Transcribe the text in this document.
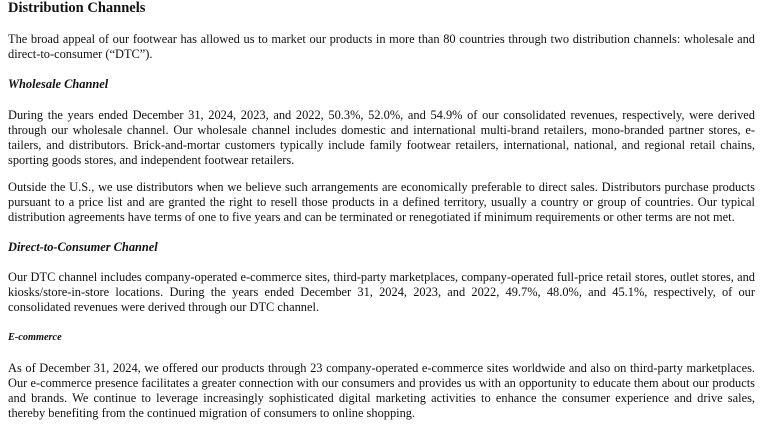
Distribution Channels

The broad appeal of our footwear has allowed us to market our products in more than 80 countries through two distribution channels: wholesale and direct-to-consumer (“DTC”).

Wholesale Channel

During the years ended December 31, 2024, 2023, and 2022, 50.3%, 52.0%, and 54.9% of our consolidated revenues, respectively, were derived through our wholesale channel. Our wholesale channel includes domestic and international multi-brand retailers, mono-branded partner stores, e-tailers, and distributors. Brick-and-mortar customers typically include family footwear retailers, international, national, and regional retail chains, sporting goods stores, and independent footwear retailers.

Outside the U.S., we use distributors when we believe such arrangements are economically preferable to direct sales. Distributors purchase products pursuant to a price list and are granted the right to resell those products in a defined territory, usually a country or group of countries. Our typical distribution agreements have terms of one to five years and can be terminated or renegotiated if minimum requirements or other terms are not met.

Direct-to-Consumer Channel

Our DTC channel includes company-operated e-commerce sites, third-party marketplaces, company-operated full-price retail stores, outlet stores, and kiosks/store-in-store locations. During the years ended December 31, 2024, 2023, and 2022, 49.7%, 48.0%, and 45.1%, respectively, of our consolidated revenues were derived through our DTC channel.

E-commerce

As of December 31, 2024, we offered our products through 23 company-operated e-commerce sites worldwide and also on third-party marketplaces. Our e-commerce presence facilitates a greater connection with our consumers and provides us with an opportunity to educate them about our products and brands. We continue to leverage increasingly sophisticated digital marketing activities to enhance the consumer experience and drive sales, thereby benefiting from the continued migration of consumers to online shopping.
